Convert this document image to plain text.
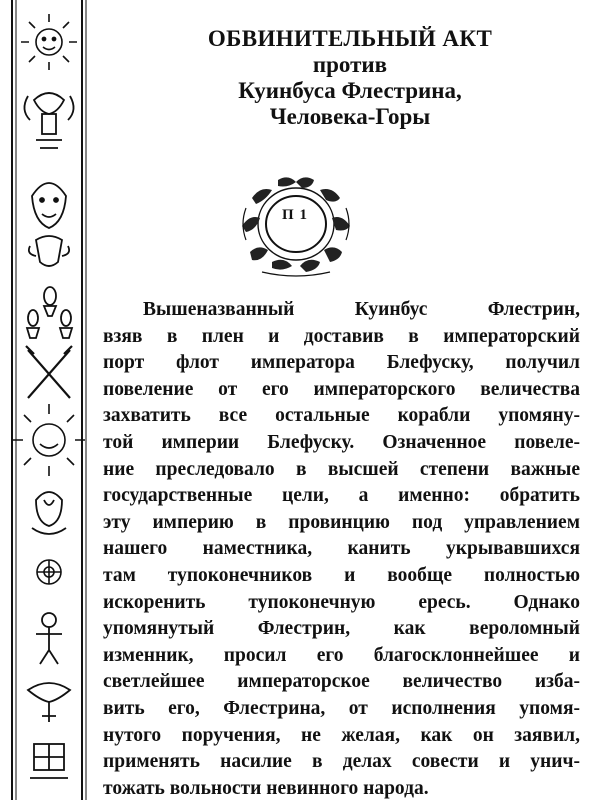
ОБВИНИТЕЛЬНЫЙ АКТ
против
Куинбуса Флестрина,
Человека-Горы
П 1
Вышеназванный Куинбус Флестрин,
взяв в плен и доставив в императорский
порт флот императора Блефуску, получил
повеление от его императорского величества
захватить все остальные корабли упомяну-
той империи Блефуску. Означенное повеле-
ние преследовало в высшей степени важные
государственные цели, а именно: обратить
эту империю в провинцию под управлением
нашего наместника, канить укрывавшихся
там тупоконечников и вообще полностью
искоренить тупоконечную ересь. Однако
упомянутый Флестрин, как вероломный
изменник, просил его благосклоннейшее и
светлейшее императорское величество изба-
вить его, Флестрина, от исполнения упомя-
нутого поручения, не желая, как он заявил,
применять насилие в делах совести и унич-
тожать вольности невинного народа.
